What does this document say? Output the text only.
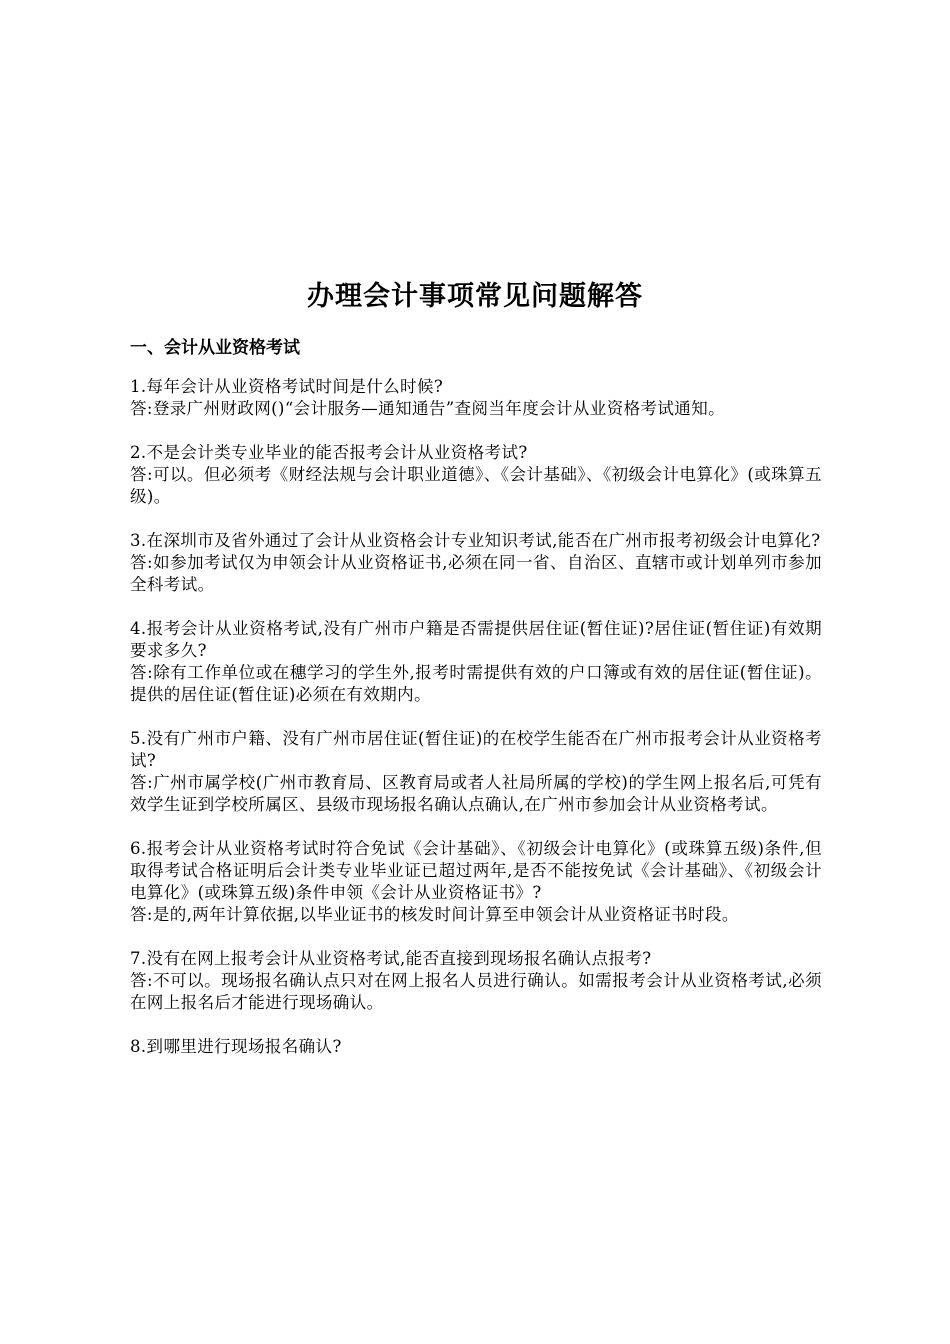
办理会计事项常见问题解答
一、会计从业资格考试

1.每年会计从业资格考试时间是什么时候?

答:登录广州财政网()“会计服务—通知通告”查阅当年度会计从业资格考试通知。

2.不是会计类专业毕业的能否报考会计从业资格考试?

答:可以。但必须考《财经法规与会计职业道德》、《会计基础》、《初级会计电算化》(或珠算五级)。

3.在深圳市及省外通过了会计从业资格会计专业知识考试,能否在广州市报考初级会计电算化?

答:如参加考试仅为申领会计从业资格证书,必须在同一省、自治区、直辖市或计划单列市参加全科考试。

4.报考会计从业资格考试,没有广州市户籍是否需提供居住证(暂住证)?居住证(暂住证)有效期要求多久?

答:除有工作单位或在穗学习的学生外,报考时需提供有效的户口簿或有效的居住证(暂住证)。提供的居住证(暂住证)必须在有效期内。

5.没有广州市户籍、没有广州市居住证(暂住证)的在校学生能否在广州市报考会计从业资格考试?

答:广州市属学校(广州市教育局、区教育局或者人社局所属的学校)的学生网上报名后,可凭有效学生证到学校所属区、县级市现场报名确认点确认,在广州市参加会计从业资格考试。

6.报考会计从业资格考试时符合免试《会计基础》、《初级会计电算化》(或珠算五级)条件,但取得考试合格证明后会计类专业毕业证已超过两年,是否不能按免试《会计基础》、《初级会计电算化》(或珠算五级)条件申领《会计从业资格证书》?

答:是的,两年计算依据,以毕业证书的核发时间计算至申领会计从业资格证书时段。

7.没有在网上报考会计从业资格考试,能否直接到现场报名确认点报考?

答:不可以。现场报名确认点只对在网上报名人员进行确认。如需报考会计从业资格考试,必须在网上报名后才能进行现场确认。

8.到哪里进行现场报名确认?
